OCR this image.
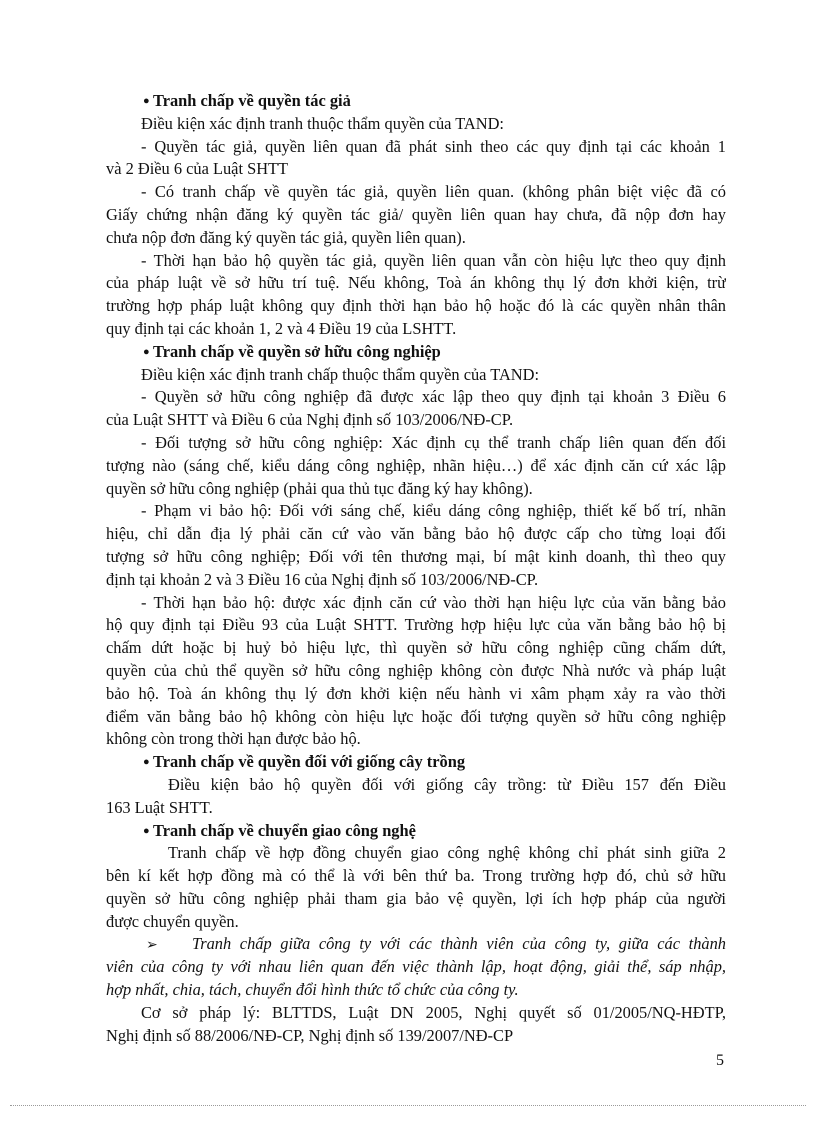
● Tranh chấp về quyền tác giả
Điều kiện xác định tranh thuộc thẩm quyền của TAND:
- Quyền tác giả, quyền liên quan đã phát sinh theo các quy định tại các khoản 1
và 2 Điều 6 của Luật SHTT
- Có tranh chấp về quyền tác giả, quyền liên quan. (không phân biệt việc đã có
Giấy chứng nhận đăng ký quyền tác giả/ quyền liên quan hay chưa, đã nộp đơn hay
chưa nộp đơn đăng ký quyền tác giả, quyền liên quan).
- Thời hạn bảo hộ quyền tác giả, quyền liên quan vẫn còn hiệu lực theo quy định
của pháp luật về sở hữu trí tuệ. Nếu không, Toà án không thụ lý đơn khởi kiện, trừ
trường hợp pháp luật không quy định thời hạn bảo hộ hoặc đó là các quyền nhân thân
quy định tại các khoản 1, 2 và 4 Điều 19 của LSHTT.
● Tranh chấp về quyền sở hữu công nghiệp
Điều kiện xác định tranh chấp thuộc thẩm quyền của TAND:
- Quyền sở hữu công nghiệp đã được xác lập theo quy định tại khoản 3 Điều 6
của Luật SHTT và Điều 6 của Nghị định số 103/2006/NĐ-CP.
- Đối tượng sở hữu công nghiệp: Xác định cụ thể tranh chấp liên quan đến đối
tượng nào (sáng chế, kiểu dáng công nghiệp, nhãn hiệu…) để xác định căn cứ xác lập
quyền sở hữu công nghiệp (phải qua thủ tục đăng ký hay không).
- Phạm vi bảo hộ: Đối với sáng chế, kiểu dáng công nghiệp, thiết kế bố trí, nhãn
hiệu, chỉ dẫn địa lý phải căn cứ vào văn bằng bảo hộ được cấp cho từng loại đối
tượng sở hữu công nghiệp; Đối với tên thương mại, bí mật kinh doanh, thì theo quy
định tại khoản 2 và 3 Điều 16 của Nghị định số 103/2006/NĐ-CP.
- Thời hạn bảo hộ: được xác định căn cứ vào thời hạn hiệu lực của văn bằng bảo
hộ quy định tại Điều 93 của Luật SHTT. Trường hợp hiệu lực của văn bằng bảo hộ bị
chấm dứt hoặc bị huỷ bỏ hiệu lực, thì quyền sở hữu công nghiệp cũng chấm dứt,
quyền của chủ thể quyền sở hữu công nghiệp không còn được Nhà nước và pháp luật
bảo hộ. Toà án không thụ lý đơn khởi kiện nếu hành vi xâm phạm xảy ra vào thời
điểm văn bằng bảo hộ không còn hiệu lực hoặc đối tượng quyền sở hữu công nghiệp
không còn trong thời hạn được bảo hộ.
● Tranh chấp về quyền đối với giống cây trồng
Điều kiện bảo hộ quyền đối với giống cây trồng: từ Điều 157 đến Điều
163 Luật SHTT.
● Tranh chấp về chuyển giao công nghệ
Tranh chấp về hợp đồng chuyển giao công nghệ không chỉ phát sinh giữa 2
bên kí kết hợp đồng mà có thể là với bên thứ ba. Trong trường hợp đó, chủ sở hữu
quyền sở hữu công nghiệp phải tham gia bảo vệ quyền, lợi ích hợp pháp của người
được chuyển quyền.
➢ Tranh chấp giữa công ty với các thành viên của công ty, giữa các thành
viên của công ty với nhau liên quan đến việc thành lập, hoạt động, giải thể, sáp nhập,
hợp nhất, chia, tách, chuyển đổi hình thức tổ chức của công ty.
Cơ sở pháp lý: BLTTDS, Luật DN 2005, Nghị quyết số 01/2005/NQ-HĐTP,
Nghị định số 88/2006/NĐ-CP, Nghị định số 139/2007/NĐ-CP
5
